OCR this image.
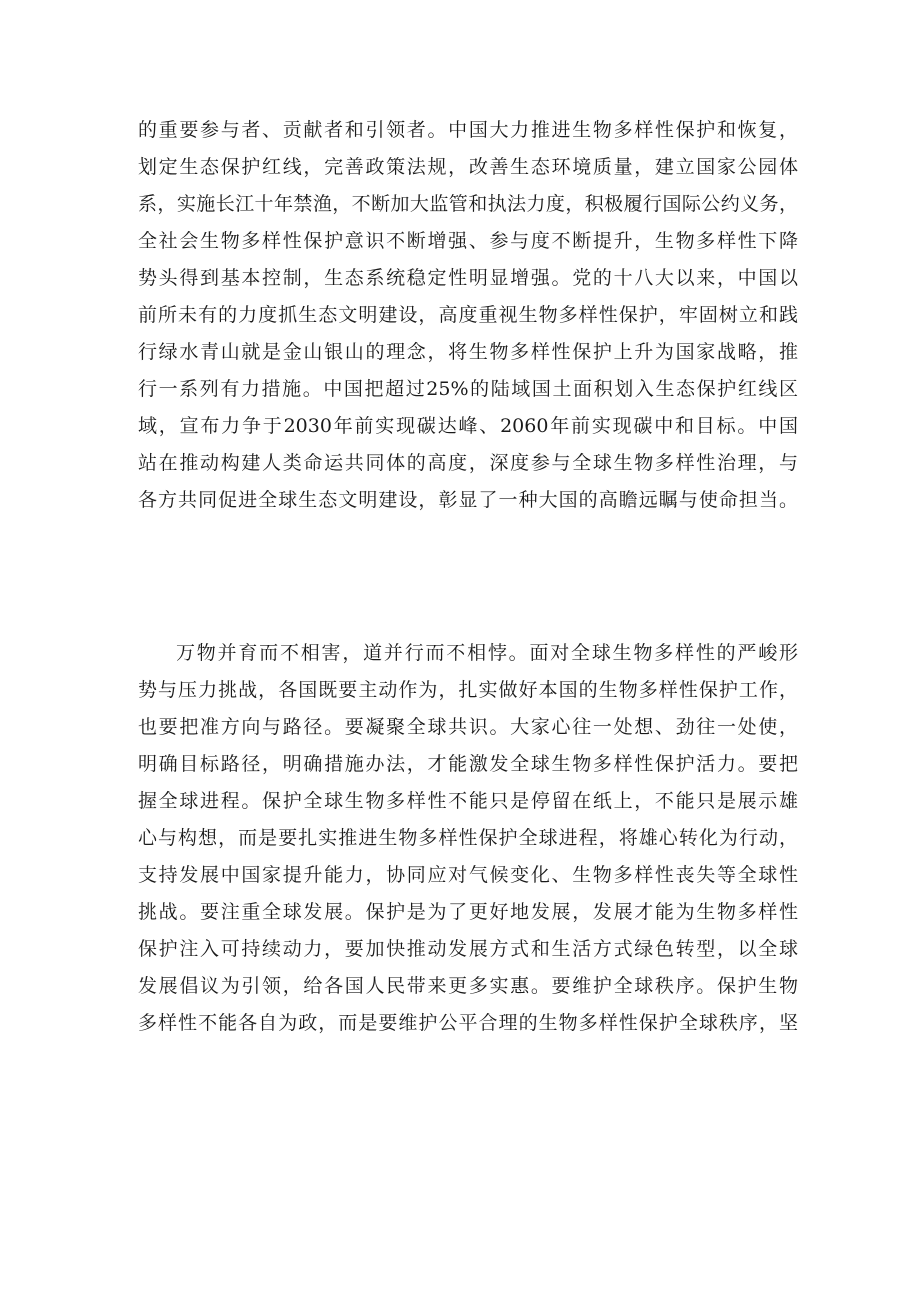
的重要参与者、贡献者和引领者。中国大力推进生物多样性保护和恢复，
划定生态保护红线，完善政策法规，改善生态环境质量，建立国家公园体
系，实施长江十年禁渔，不断加大监管和执法力度，积极履行国际公约义务，
全社会生物多样性保护意识不断增强、参与度不断提升，生物多样性下降
势头得到基本控制，生态系统稳定性明显增强。党的十八大以来，中国以
前所未有的力度抓生态文明建设，高度重视生物多样性保护，牢固树立和践
行绿水青山就是金山银山的理念，将生物多样性保护上升为国家战略，推
行一系列有力措施。中国把超过25%的陆域国土面积划入生态保护红线区
域，宣布力争于2030年前实现碳达峰、2060年前实现碳中和目标。中国
站在推动构建人类命运共同体的高度，深度参与全球生物多样性治理，与
各方共同促进全球生态文明建设，彰显了一种大国的高瞻远瞩与使命担当。

万物并育而不相害，道并行而不相悖。面对全球生物多样性的严峻形
势与压力挑战，各国既要主动作为，扎实做好本国的生物多样性保护工作，
也要把准方向与路径。要凝聚全球共识。大家心往一处想、劲往一处使，
明确目标路径，明确措施办法，才能激发全球生物多样性保护活力。要把
握全球进程。保护全球生物多样性不能只是停留在纸上，不能只是展示雄
心与构想，而是要扎实推进生物多样性保护全球进程，将雄心转化为行动，
支持发展中国家提升能力，协同应对气候变化、生物多样性丧失等全球性
挑战。要注重全球发展。保护是为了更好地发展，发展才能为生物多样性
保护注入可持续动力，要加快推动发展方式和生活方式绿色转型，以全球
发展倡议为引领，给各国人民带来更多实惠。要维护全球秩序。保护生物
多样性不能各自为政，而是要维护公平合理的生物多样性保护全球秩序，坚
